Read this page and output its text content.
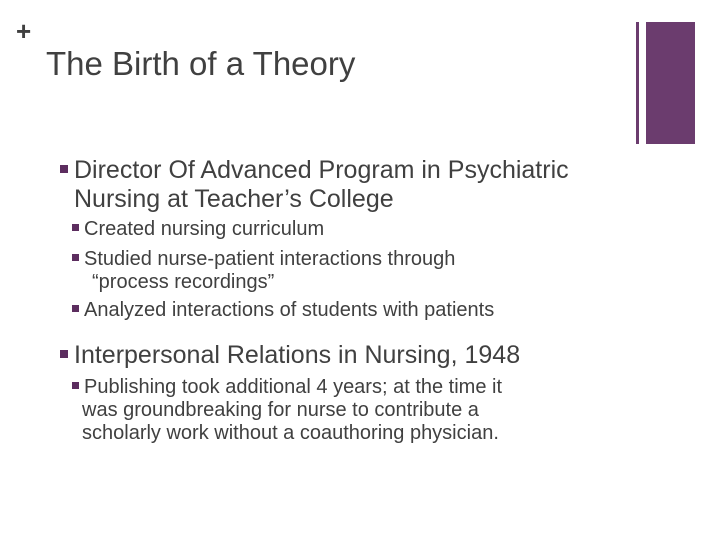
+
The Birth of a Theory
Director Of Advanced Program in Psychiatric
Nursing at Teacher’s College
Created nursing curriculum
Studied nurse-patient interactions through
“process recordings”
Analyzed interactions of students with patients
Interpersonal Relations in Nursing, 1948
Publishing took additional 4 years; at the time it
was groundbreaking for nurse to contribute a
scholarly work without a coauthoring physician.
